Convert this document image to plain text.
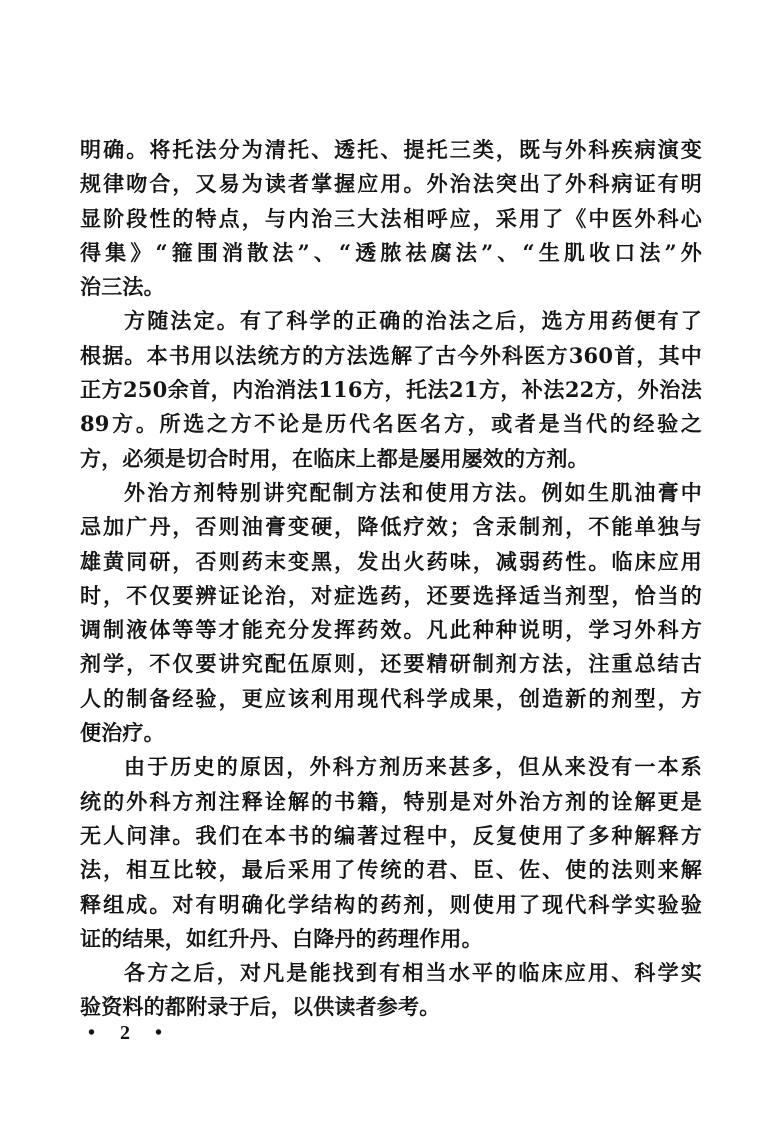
明确。将托法分为清托、透托、提托三类，既与外科疾病演变
规律吻合，又易为读者掌握应用。外治法突出了外科病证有明
显阶段性的特点，与内治三大法相呼应，采用了《中医外科心
得集》“箍围消散法”、“透脓祛腐法”、“生肌收口法”外
治三法。
方随法定。有了科学的正确的治法之后，选方用药便有了
根据。本书用以法统方的方法选解了古今外科医方360首，其中
正方250余首，内治消法116方，托法21方，补法22方，外治法
89方。所选之方不论是历代名医名方，或者是当代的经验之
方，必须是切合时用，在临床上都是屡用屡效的方剂。
外治方剂特别讲究配制方法和使用方法。例如生肌油膏中
忌加广丹，否则油膏变硬，降低疗效；含汞制剂，不能单独与
雄黄同研，否则药末变黑，发出火药味，减弱药性。临床应用
时，不仅要辨证论治，对症选药，还要选择适当剂型，恰当的
调制液体等等才能充分发挥药效。凡此种种说明，学习外科方
剂学，不仅要讲究配伍原则，还要精研制剂方法，注重总结古
人的制备经验，更应该利用现代科学成果，创造新的剂型，方
便治疗。
由于历史的原因，外科方剂历来甚多，但从来没有一本系
统的外科方剂注释诠解的书籍，特别是对外治方剂的诠解更是
无人问津。我们在本书的编著过程中，反复使用了多种解释方
法，相互比较，最后采用了传统的君、臣、佐、使的法则来解
释组成。对有明确化学结构的药剂，则使用了现代科学实验验
证的结果，如红升丹、白降丹的药理作用。
各方之后，对凡是能找到有相当水平的临床应用、科学实
验资料的都附录于后，以供读者参考。
• 2 •
